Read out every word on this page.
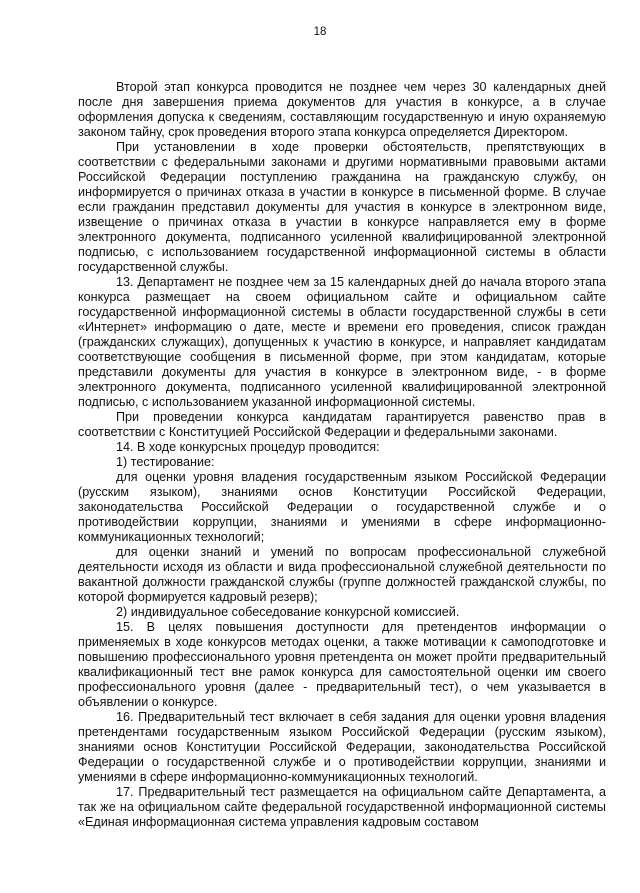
18

Второй этап конкурса проводится не позднее чем через 30 календарных дней после дня завершения приема документов для участия в конкурсе, а в случае оформления допуска к сведениям, составляющим государственную и иную охраняемую законом тайну, срок проведения второго этапа конкурса определяется Директором.

При установлении в ходе проверки обстоятельств, препятствующих в соответствии с федеральными законами и другими нормативными правовыми актами Российской Федерации поступлению гражданина на гражданскую службу, он информируется о причинах отказа в участии в конкурсе в письменной форме. В случае если гражданин представил документы для участия в конкурсе в электронном виде, извещение о причинах отказа в участии в конкурсе направляется ему в форме электронного документа, подписанного усиленной квалифицированной электронной подписью, с использованием государственной информационной системы в области государственной службы.

13. Департамент не позднее чем за 15 календарных дней до начала второго этапа конкурса размещает на своем официальном сайте и официальном сайте государственной информационной системы в области государственной службы в сети «Интернет» информацию о дате, месте и времени его проведения, список граждан (гражданских служащих), допущенных к участию в конкурсе, и направляет кандидатам соответствующие сообщения в письменной форме, при этом кандидатам, которые представили документы для участия в конкурсе в электронном виде, - в форме электронного документа, подписанного усиленной квалифицированной электронной подписью, с использованием указанной информационной системы.

При проведении конкурса кандидатам гарантируется равенство прав в соответствии с Конституцией Российской Федерации и федеральными законами.

14. В ходе конкурсных процедур проводится:

1) тестирование:

для оценки уровня владения государственным языком Российской Федерации (русским языком), знаниями основ Конституции Российской Федерации, законодательства Российской Федерации о государственной службе и о противодействии коррупции, знаниями и умениями в сфере информационно-коммуникационных технологий;

для оценки знаний и умений по вопросам профессиональной служебной деятельности исходя из области и вида профессиональной служебной деятельности по вакантной должности гражданской службы (группе должностей гражданской службы, по которой формируется кадровый резерв);

2) индивидуальное собеседование конкурсной комиссией.

15. В целях повышения доступности для претендентов информации о применяемых в ходе конкурсов методах оценки, а также мотивации к самоподготовке и повышению профессионального уровня претендента он может пройти предварительный квалификационный тест вне рамок конкурса для самостоятельной оценки им своего профессионального уровня (далее - предварительный тест), о чем указывается в объявлении о конкурсе.

16. Предварительный тест включает в себя задания для оценки уровня владения претендентами государственным языком Российской Федерации (русским языком), знаниями основ Конституции Российской Федерации, законодательства Российской Федерации о государственной службе и о противодействии коррупции, знаниями и умениями в сфере информационно-коммуникационных технологий.

17. Предварительный тест размещается на официальном сайте Департамента, а так же на официальном сайте федеральной государственной информационной системы «Единая информационная система управления кадровым составом
